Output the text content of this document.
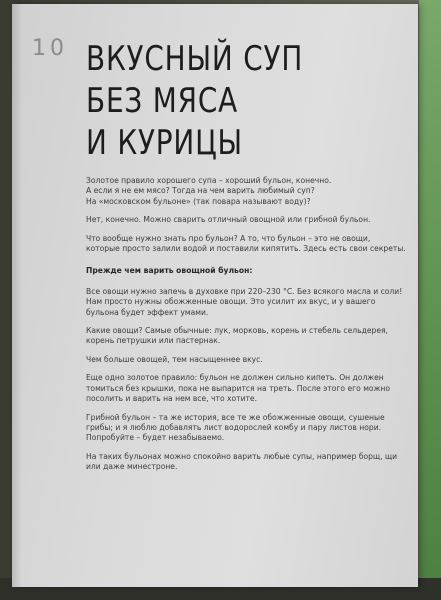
10 ВКУСНЫЙ СУП
БЕЗ МЯСА
И КУРИЦЫ

Золотое правило хорошего супа – хороший бульон, конечно.
А если я не ем мясо? Тогда на чем варить любимый суп?
На «московском бульоне» (так повара называют воду)?

Нет, конечно. Можно сварить отличный овощной или грибной бульон.

Что вообще нужно знать про бульон? А то, что бульон – это не овощи, которые просто залили водой и поставили кипятить. Здесь есть свои секреты.

Прежде чем варить овощной бульон:

Все овощи нужно запечь в духовке при 220–230 °С. Без всякого масла и соли! Нам просто нужны обожженные овощи. Это усилит их вкус, и у вашего бульона будет эффект умами.

Какие овощи? Самые обычные: лук, морковь, корень и стебель сельдерея, корень петрушки или пастернак.

Чем больше овощей, тем насыщеннее вкус.

Еще одно золотое правило: бульон не должен сильно кипеть. Он должен томиться без крышки, пока не выпарится на треть. После этого его можно посолить и варить на нем все, что хотите.

Грибной бульон – та же история, все те же обожженные овощи, сушеные грибы; и я люблю добавлять лист водорослей комбу и пару листов нори. Попробуйте – будет незабываемо.

На таких бульонах можно спокойно варить любые супы, например борщ, щи или даже минестроне.
